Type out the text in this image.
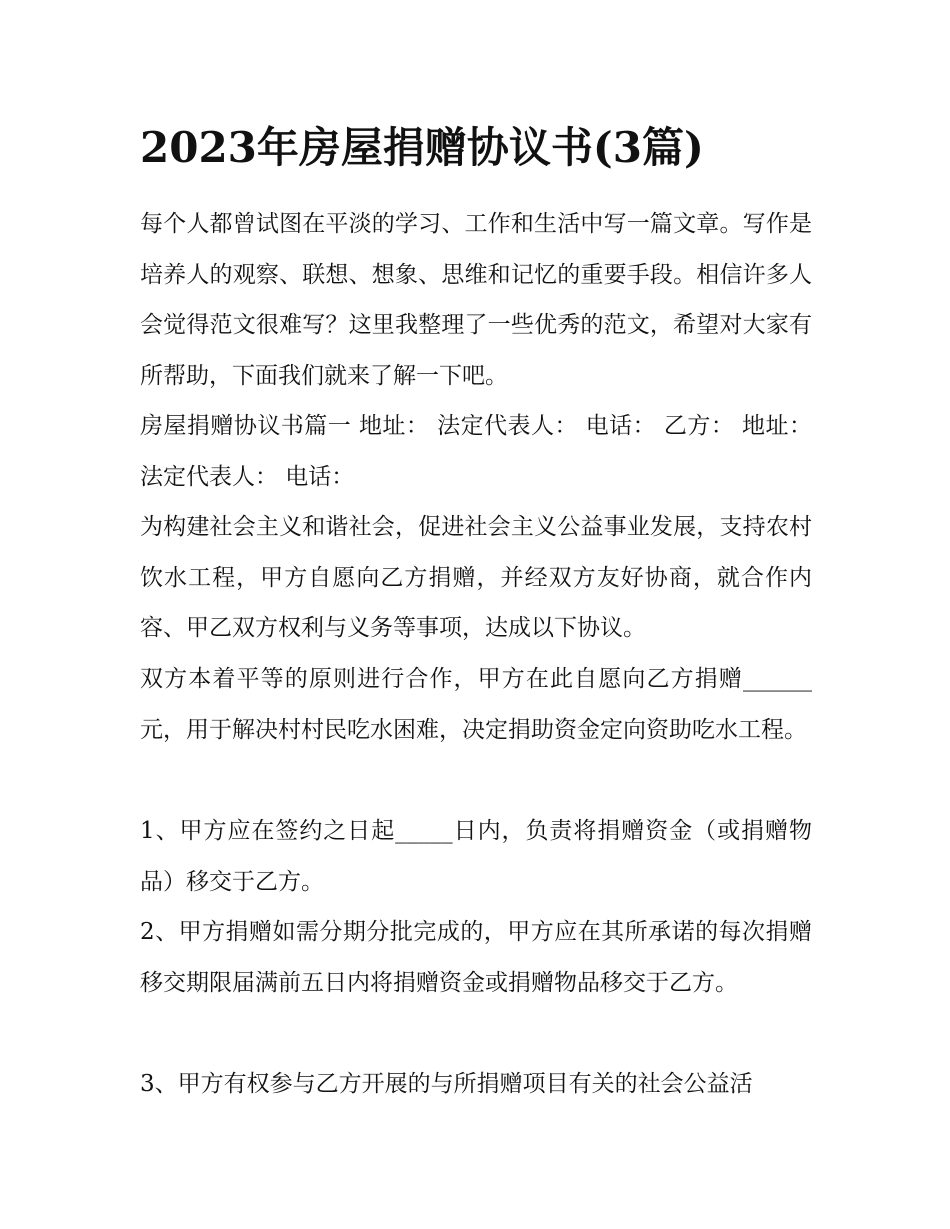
2023年房屋捐赠协议书(3篇)

每个人都曾试图在平淡的学习、工作和生活中写一篇文章。写作是培养人的观察、联想、想象、思维和记忆的重要手段。相信许多人会觉得范文很难写？这里我整理了一些优秀的范文，希望对大家有所帮助，下面我们就来了解一下吧。

房屋捐赠协议书篇一 地址： 法定代表人： 电话： 乙方： 地址： 法定代表人： 电话：

为构建社会主义和谐社会，促进社会主义公益事业发展，支持农村饮水工程，甲方自愿向乙方捐赠，并经双方友好协商，就合作内容、甲乙双方权利与义务等事项，达成以下协议。

双方本着平等的原则进行合作，甲方在此自愿向乙方捐赠______元，用于解决村村民吃水困难，决定捐助资金定向资助吃水工程。

1、甲方应在签约之日起_____日内，负责将捐赠资金（或捐赠物品）移交于乙方。

2、甲方捐赠如需分期分批完成的，甲方应在其所承诺的每次捐赠移交期限届满前五日内将捐赠资金或捐赠物品移交于乙方。

3、甲方有权参与乙方开展的与所捐赠项目有关的社会公益活
